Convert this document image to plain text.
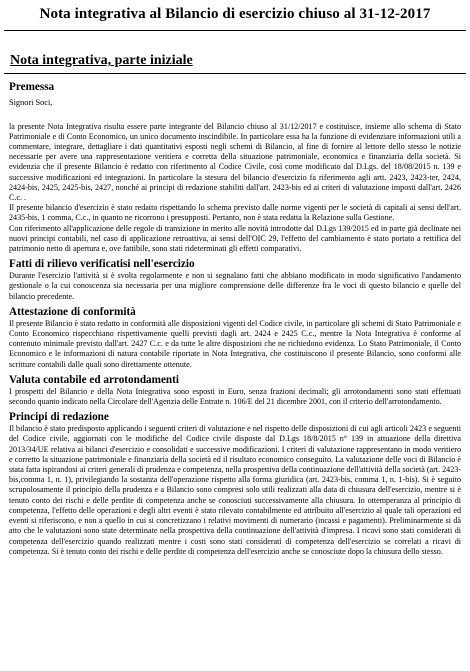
Nota integrativa al Bilancio di esercizio chiuso al 31-12-2017
Nota integrativa, parte iniziale
Premessa

Signori Soci,

la presente Nota Integrativa risulta essere parte integrante del Bilancio chiuso al 31/12/2017 e costituisce, insieme allo schema di Stato Patrimoniale e di Conto Economico, un unico documento inscindibile. In particolare essa ha la funzione di evidenziare informazioni utili a commentare, integrare, dettagliare i dati quantitativi esposti negli schemi di Bilancio, al fine di fornire al lettore dello stesso le notizie necessarie per avere una rappresentazione veritiera e corretta della situazione patrimoniale, economica e finanziaria della società. Si evidenzia che il presente Bilancio è redatto con riferimento al Codice Civile, così come modificato dal D.Lgs. del 18/08/2015 n. 139 e successive modificazioni ed integrazioni. In particolare la stesura del bilancio d'esercizio fa riferimento agli artt. 2423, 2423-ter, 2424, 2424-bis, 2425, 2425-bis, 2427, nonché ai principi di redazione stabiliti dall'art. 2423-bis ed ai criteri di valutazione imposti dall'art. 2426 C.c. .

Il presente bilancio d'esercizio è stato redatto rispettando lo schema previsto dalle norme vigenti per le società di capitali ai sensi dell'art. 2435-bis, 1 comma, C.c., in quanto ne ricorrono i presupposti. Pertanto, non è stata redatta la Relazione sulla Gestione.

Con riferimento all'applicazione delle regole di transizione in merito alle novità introdotte dal D.Lgs 139/2015 ed in parte già declinate nei nuovi principi contabili, nel caso di applicazione retroattiva, ai sensi dell'OIC 29, l'effetto del cambiamento è stato portato a rettifica del patrimonio netto di apertura e, ove fattibile, sono stati rideterminati gli effetti comparativi.

Fatti di rilievo verificatisi nell'esercizio

Durante l'esercizio l'attività si è svolta regolarmente e non si segnalano fatti che abbiano modificato in modo significativo l'andamento gestionale o la cui conoscenza sia necessaria per una migliore comprensione delle differenze fra le voci di questo bilancio e quelle del bilancio precedente.

Attestazione di conformità

Il presente Bilancio è stato redatto in conformità alle disposizioni vigenti del Codice civile, in particolare gli schemi di Stato Patrimoniale e Conto Economico rispecchiano rispettivamente quelli previsti dagli art. 2424 e 2425 C.c., mentre la Nota Integrativa è conforme al contenuto minimale previsto dall'art. 2427 C.c. e da tutte le altre disposizioni che ne richiedono evidenza. Lo Stato Patrimoniale, il Conto Economico e le informazioni di natura contabile riportate in Nota Integrativa, che costituiscono il presente Bilancio, sono conformi alle scritture contabili dalle quali sono direttamente ottenute.

Valuta contabile ed arrotondamenti

I prospetti del Bilancio e della Nota Integrativa sono esposti in Euro, senza frazioni decimali; gli arrotondamenti sono stati effettuati secondo quanto indicato nella Circolare dell'Agenzia delle Entrate n. 106/E del 21 dicembre 2001, con il criterio dell'arrotondamento.

Principi di redazione

Il bilancio è stato predisposto applicando i seguenti criteri di valutazione e nel rispetto delle disposizioni di cui agli articoli 2423 e seguenti del Codice civile, aggiornati con le modifiche del Codice civile disposte dal D.Lgs 18/8/2015 n° 139 in attuazione della direttiva 2013/34/UE relativa ai bilanci d'esercizio e consolidati e successive modificazioni. I criteri di valutazione rappresentano in modo veritiero e corretto la situazione patrimoniale e finanziaria della società ed il risultato economico conseguito. La valutazione delle voci di Bilancio è stata fatta ispirandosi ai criteri generali di prudenza e competenza, nella prospettiva della continuazione dell'attività della società (art. 2423-bis,comma 1, n. 1), privilegiando la sostanza dell'operazione rispetto alla forma giuridica (art. 2423-bis, comma 1, n. 1-bis). Si è seguito scrupolosamente il principio della prudenza e a Bilancio sono compresi solo utili realizzati alla data di chiusura dell'esercizio, mentre si è tenuto conto dei rischi e delle perdite di competenza anche se conosciuti successivamente alla chiusura. In ottemperanza al principio di competenza, l'effetto delle operazioni e degli altri eventi è stato rilevato contabilmente ed attribuito all'esercizio al quale tali operazioni ed eventi si riferiscono, e non a quello in cui si concretizzano i relativi movimenti di numerario (incassi e pagamenti). Preliminarmente si dà atto che le valutazioni sono state determinate nella prospettiva della continuazione dell'attività d'impresa. I ricavi sono stati considerati di competenza dell'esercizio quando realizzati mentre i costi sono stati considerati di competenza dell'esercizio se correlati a ricavi di competenza. Si è tenuto conto dei rischi e delle perdite di competenza dell'esercizio anche se conosciute dopo la chiusura dello stesso.
